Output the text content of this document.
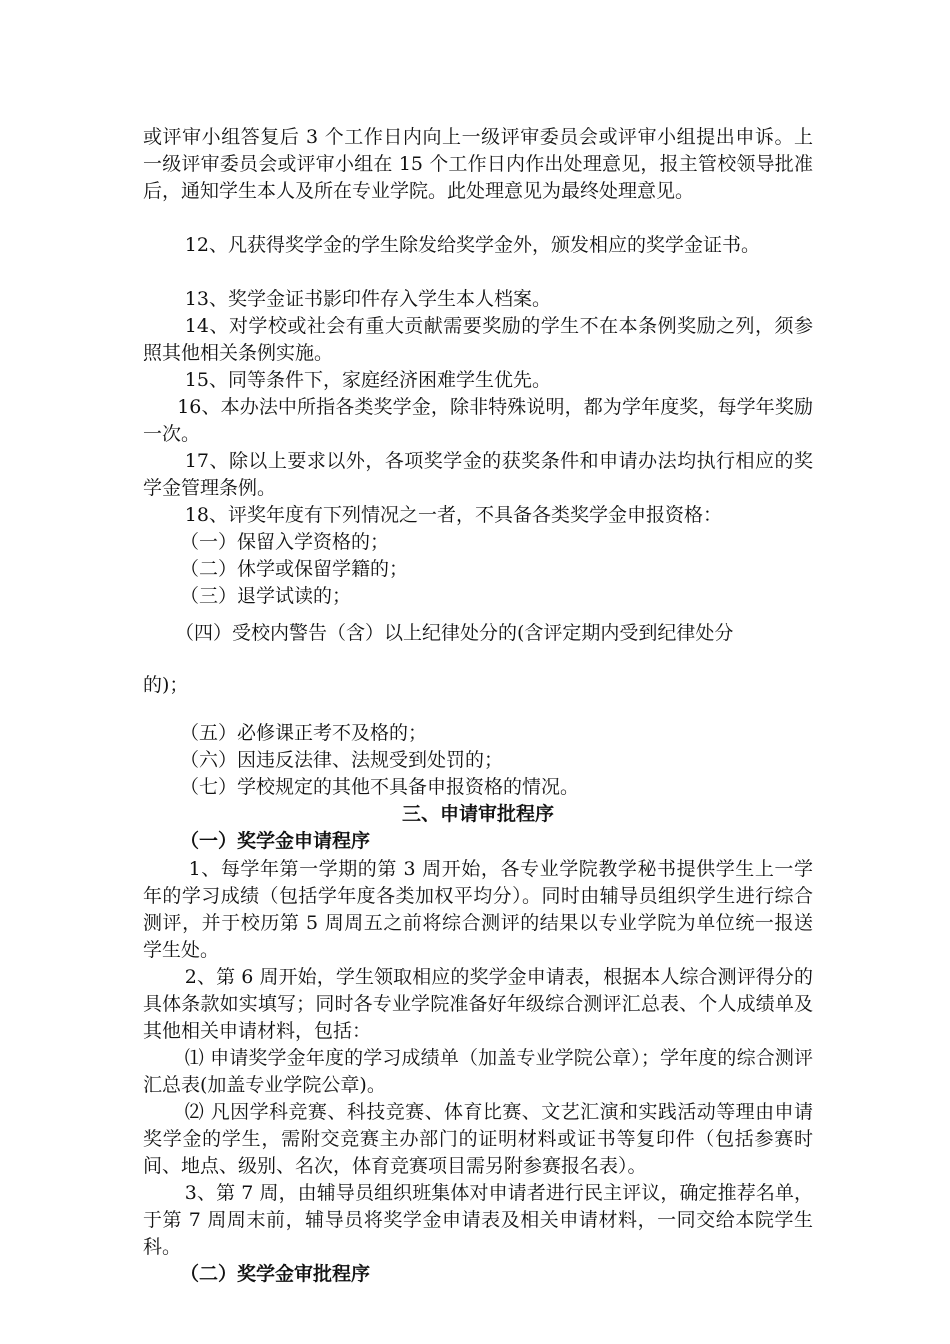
或评审小组答复后 3 个工作日内向上一级评审委员会或评审小组提出申诉。上一级评审委员会或评审小组在 15 个工作日内作出处理意见，报主管校领导批准后，通知学生本人及所在专业学院。此处理意见为最终处理意见。
12、凡获得奖学金的学生除发给奖学金外，颁发相应的奖学金证书。
13、奖学金证书影印件存入学生本人档案。
14、对学校或社会有重大贡献需要奖励的学生不在本条例奖励之列，须参照其他相关条例实施。
15、同等条件下，家庭经济困难学生优先。
16、本办法中所指各类奖学金，除非特殊说明，都为学年度奖，每学年奖励一次。
17、除以上要求以外，各项奖学金的获奖条件和申请办法均执行相应的奖学金管理条例。
18、评奖年度有下列情况之一者，不具备各类奖学金申报资格：
（一）保留入学资格的；
（二）休学或保留学籍的；
（三）退学试读的；
（四）受校内警告（含）以上纪律处分的(含评定期内受到纪律处分
的)；
（五）必修课正考不及格的；
（六）因违反法律、法规受到处罚的；
（七）学校规定的其他不具备申报资格的情况。
三、申请审批程序
（一）奖学金申请程序
1、每学年第一学期的第 3 周开始，各专业学院教学秘书提供学生上一学年的学习成绩（包括学年度各类加权平均分）。同时由辅导员组织学生进行综合测评，并于校历第 5 周周五之前将综合测评的结果以专业学院为单位统一报送学生处。
2、第 6 周开始，学生领取相应的奖学金申请表，根据本人综合测评得分的具体条款如实填写；同时各专业学院准备好年级综合测评汇总表、个人成绩单及其他相关申请材料，包括：
⑴ 申请奖学金年度的学习成绩单（加盖专业学院公章）；学年度的综合测评汇总表(加盖专业学院公章)。
⑵ 凡因学科竞赛、科技竞赛、体育比赛、文艺汇演和实践活动等理由申请奖学金的学生，需附交竞赛主办部门的证明材料或证书等复印件（包括参赛时间、地点、级别、名次，体育竞赛项目需另附参赛报名表）。
3、第 7 周，由辅导员组织班集体对申请者进行民主评议，确定推荐名单，于第 7 周周末前，辅导员将奖学金申请表及相关申请材料，一同交给本院学生科。
（二）奖学金审批程序
